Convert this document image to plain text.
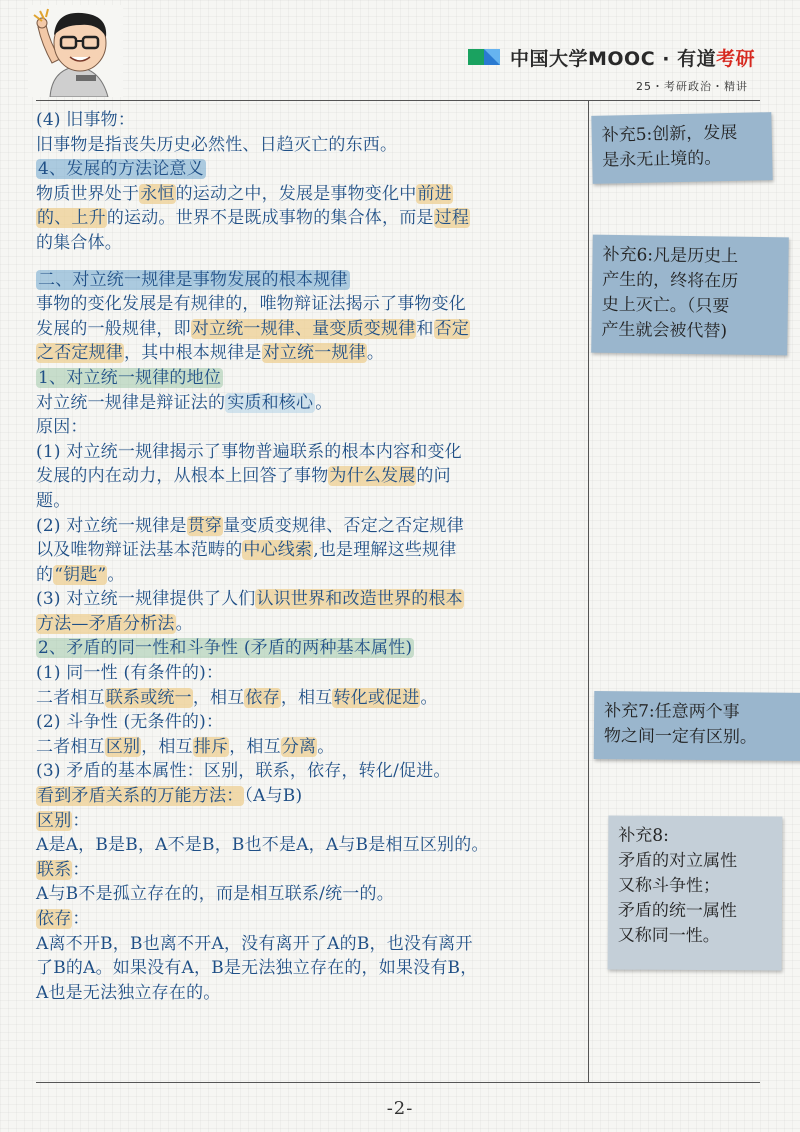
中国大学MOOC · 有道考研
25・考研政治・精讲

(4) 旧事物：

旧事物是指丧失历史必然性、日趋灭亡的东西。

4、发展的方法论意义

物质世界处于永恒的运动之中，发展是事物变化中前进

的、上升的运动。世界不是既成事物的集合体，而是过程

的集合体。

二、对立统一规律是事物发展的根本规律

事物的变化发展是有规律的，唯物辩证法揭示了事物变化

发展的一般规律，即对立统一规律、量变质变规律和否定

之否定规律，其中根本规律是对立统一规律。

1、对立统一规律的地位

对立统一规律是辩证法的 实质和核心 。

原因：

(1) 对立统一规律揭示了事物普遍联系的根本内容和变化

发展的内在动力，从根本上回答了事物为什么发展的问

题。

(2) 对立统一规律是贯穿量变质变规律、否定之否定规律

以及唯物辩证法基本范畴的中心线索,也是理解这些规律

的“钥匙”。

(3) 对立统一规律提供了人们认识世界和改造世界的根本

方法—矛盾分析法。

2、矛盾的同一性和斗争性 (矛盾的两种基本属性)

(1) 同一性 (有条件的)：

二者相互联系或统一，相互依存，相互转化或促进。

(2) 斗争性 (无条件的)：

二者相互区别，相互排斥，相互分离。

(3) 矛盾的基本属性：区别，联系，依存，转化/促进。

看到矛盾关系的万能方法：（A与B)

区别：

A是A，B是B，A不是B，B也不是A，A与B是相互区别的。

联系：

A与B不是孤立存在的，而是相互联系/统一的。

依存：

A离不开B，B也离不开A，没有离开了A的B，也没有离开

了B的A。如果没有A，B是无法独立存在的，如果没有B，

A也是无法独立存在的。

补充5:创新，发展

是永无止境的。

补充6:凡是历史上

产生的，终将在历

史上灭亡。（只要

产生就会被代替)

补充7:任意两个事

物之间一定有区别。

补充8:

矛盾的对立属性

又称斗争性；

矛盾的统一属性

又称同一性。

-2-
